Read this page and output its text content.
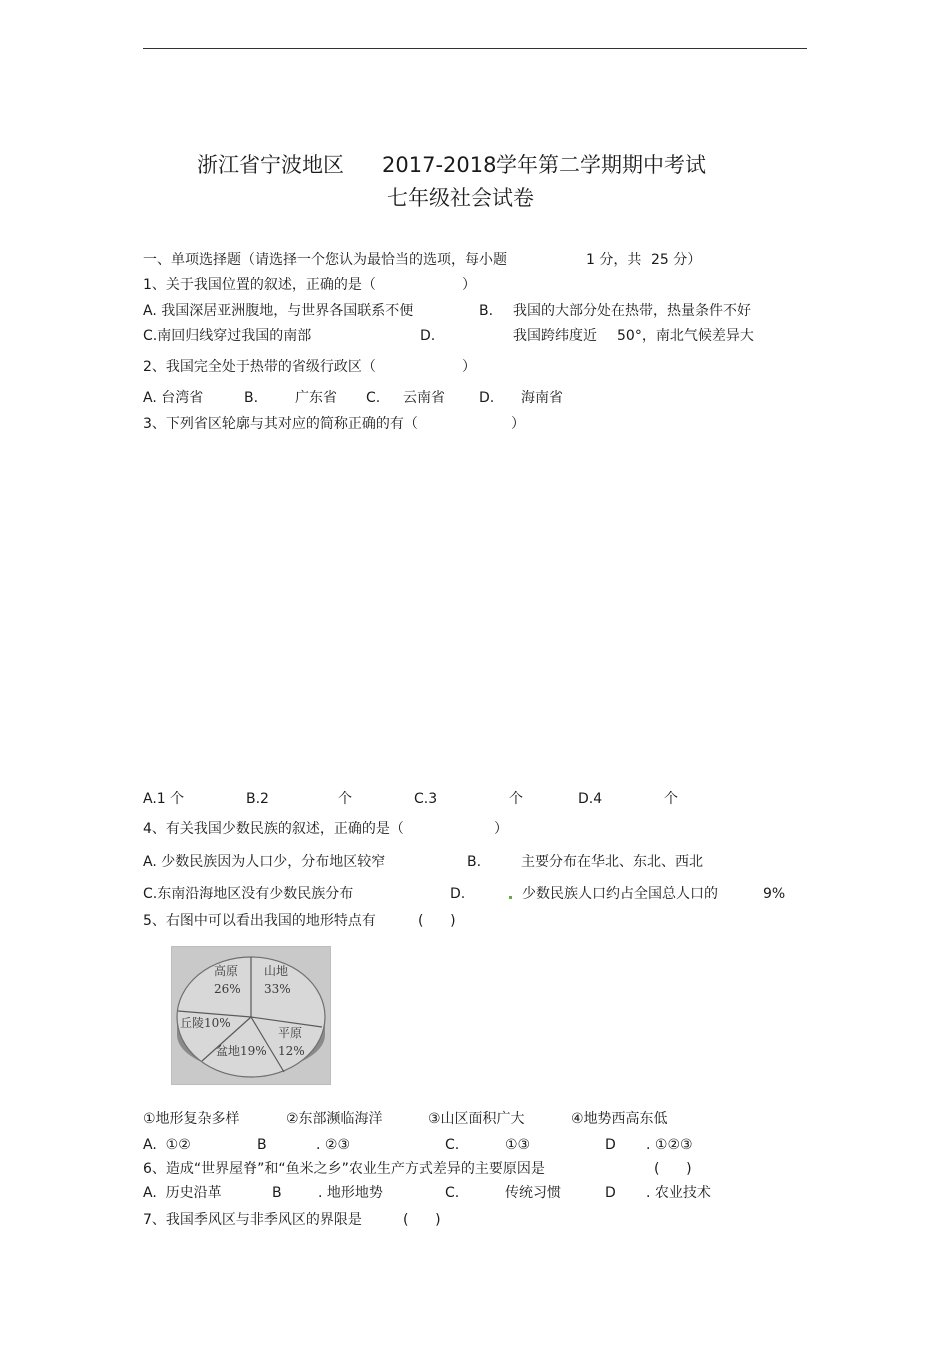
浙江省宁波地区 2017-2018 学年第二学期期中考试
七年级社会试卷
一、单项选择题（请选择一个您认为最恰当的选项，每小题	1 分，共 25 分）
1、关于我国位置的叙述，正确的是（	）
A. 我国深居亚洲腹地，与世界各国联系不便	B. 我国的大部分处在热带，热量条件不好
C.南回归线穿过我国的南部	D.	我国跨纬度近 50°，南北气候差异大
2、我国完全处于热带的省级行政区（	）
A. 台湾省	B.	广东省 C. 云南省 D. 海南省
3、下列省区轮廓与其对应的简称正确的有（	）
A.1 个	B.2	个	C.3	个	D.4	个
4、有关我国少数民族的叙述，正确的是（	）
A. 少数民族因为人口少，分布地区较窄	B.	主要分布在华北、东北、西北
C.东南沿海地区没有少数民族分布	D.	少数民族人口约占全国总人口的	9%
5、右图中可以看出我国的地形特点有	(      )
高原
26%
山地
33%
丘陵10%
平原
12%
盆地19%
①地形复杂多样	②东部濒临海洋	③山区面积广大	④地势西高东低
A.  ①②	B	. ②③	C.	①③	D . ①②③
6、造成“世界屋脊”和“鱼米之乡”农业生产方式差异的主要原因是	(      )
A.  历史沿革	B	. 地形地势	C.	传统习惯	D . 农业技术
7、我国季风区与非季风区的界限是	(      )
